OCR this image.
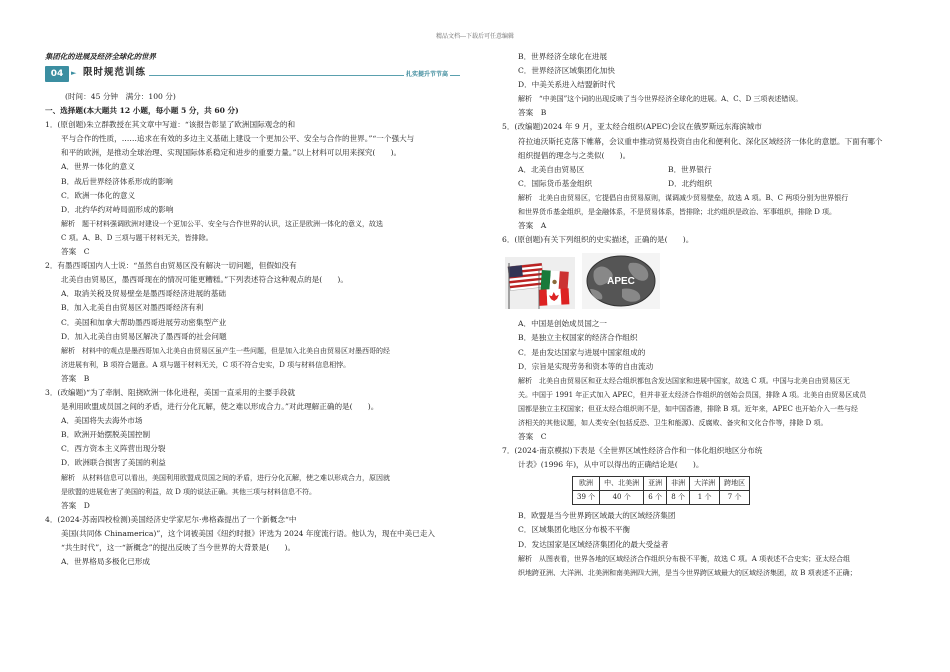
精品文档---下载后可任意编辑
集团化的进展及经济全球化的世界
04	► 限时规范训练	扎实提升节节高
(时间：45 分钟　满分：100 分)
一、选择题(本大题共 12 小题，每小题 5 分，共 60 分)
1．(原创题)朱立群教授在其文章中写道：“该报告彰显了欧洲国际观念的和
平与合作的性质，……追求在有效的多边主义基础上建设一个更加公平、安全与合作的世界。”“一个强大与
和平的欧洲，是推动全球治理、实现国际体系稳定和进步的重要力量。”以上材料可以用来探究(　　)。
A．世界一体化的意义
B．战后世界经济体系形成的影响
C．欧洲一体化的意义
D．北约华约对峙局面形成的影响
解析　题干材料强调欧洲对建设一个更加公平、安全与合作世界的认识，这正是欧洲一体化的意义，故选
C 项。A、B、D 三项与题干材料无关，皆排除。
答案　C
2．有墨西哥国内人士说：“虽然自由贸易区没有解决一切问题，但假如没有
北美自由贸易区，墨西哥现在的情况可能更糟糕。”下列表述符合这种观点的是(　　)。
A．取消关税及贸易壁垒是墨西哥经济进展的基础
B．加入北美自由贸易区对墨西哥经济有利
C．美国和加拿大帮助墨西哥进展劳动密集型产业
D．加入北美自由贸易区解决了墨西哥的社会问题
解析　材料中的观点是墨西哥加入北美自由贸易区虽产生一些问题，但是加入北美自由贸易区对墨西哥的经
济进展有利，B 项符合题意。A 项与题干材料无关，C 项不符合史实，D 项与材料信息相悖。
答案　B
3．(改编题)“为了牵制、阻挠欧洲一体化进程，美国一直采用的主要手段就
是利用欧盟成员国之间的矛盾，进行分化瓦解，使之难以形成合力。”对此理解正确的是(　　)。
A．美国将失去海外市场
B．欧洲开始摆脱美国控制
C．西方资本主义阵营出现分裂
D．欧洲联合损害了美国的利益
解析　从材料信息可以看出，美国利用欧盟成员国之间的矛盾，进行分化瓦解，使之难以形成合力，原因就
是欧盟的进展危害了美国的利益，故 D 项的说法正确。其他三项与材料信息不符。
答案　D
4．(2024·苏南四校检测)美国经济史学家尼尔·弗格森提出了一个新概念“中
美国(共同体 Chinamerica)”，这个词被美国《纽约时报》评选为 2024 年度流行语。他认为，现在中美已走入
“共生时代”，这一“新概念”的提出反映了当今世界的大背景是(　　)。
A．世界格局多极化已形成
B．世界经济全球化在进展
C．世界经济区域集团化加快
D．中美关系进入结盟新时代
解析　“中美国”这个词的出现反映了当今世界经济全球化的进展。A、C、D 三项表述错误。
答案　B
5．(改编题)2024 年 9 月，亚太经合组织(APEC)会议在俄罗斯远东海滨城市
符拉迪沃斯托克落下帷幕，会议重申推动贸易投资自由化和便利化、深化区域经济一体化的意愿。下面有哪个
组织提倡的理念与之类似(　　)。
A．北美自由贸易区	B．世界银行
C．国际货币基金组织	D．北约组织
解析　北美自由贸易区，它提倡自由贸易原则，谋调减少贸易壁垒，故选 A 项。B、C 两项分别为世界银行
和世界货币基金组织，是金融体系，不是贸易体系，皆排除；北约组织是政治、军事组织，排除 D 项。
答案　A
6．(原创题)有关下列组织的史实描述，正确的是(　　)。
APEC
A．中国是创始成员国之一
B．是独立主权国家的经济合作组织
C．是由发达国家与进展中国家组成的
D．宗旨是实现劳务和资本等的自由流动
解析　北美自由贸易区和亚太经合组织都包含发达国家和进展中国家，故选 C 项。中国与北美自由贸易区无
关。中国于 1991 年正式加入 APEC，但并非亚太经济合作组织的创始会员国，排除 A 项。北美自由贸易区成员
国都是独立主权国家；但亚太经合组织则不是，如中国香港，排除 B 项。近年来，APEC 也开始介入一些与经
济相关的其他议题，如人类安全(包括反恐、卫生和能源)、反腐败、备灾和文化合作等，排除 D 项。
答案　C
7．(2024·南京模拟)下表是《全世界区域性经济合作和一体化组织地区分布统
计表》(1996 年)，从中可以得出的正确结论是(　　)。
欧洲	中、北美洲	亚洲	非洲	大洋洲	跨地区
39 个	40 个	6 个	8 个	1 个	7 个
B．欧盟是当今世界跨区域最大的区域经济集团
C．区域集团化地区分布极不平衡
D．发达国家是区域经济集团化的最大受益者
解析　从图表看，世界各地的区域经济合作组织分布极不平衡，故选 C 项。A 项表述不合史实；亚太经合组
织地跨亚洲、大洋洲、北美洲和南美洲四大洲，是当今世界跨区域最大的区域经济集团，故 B 项表述不正确；
